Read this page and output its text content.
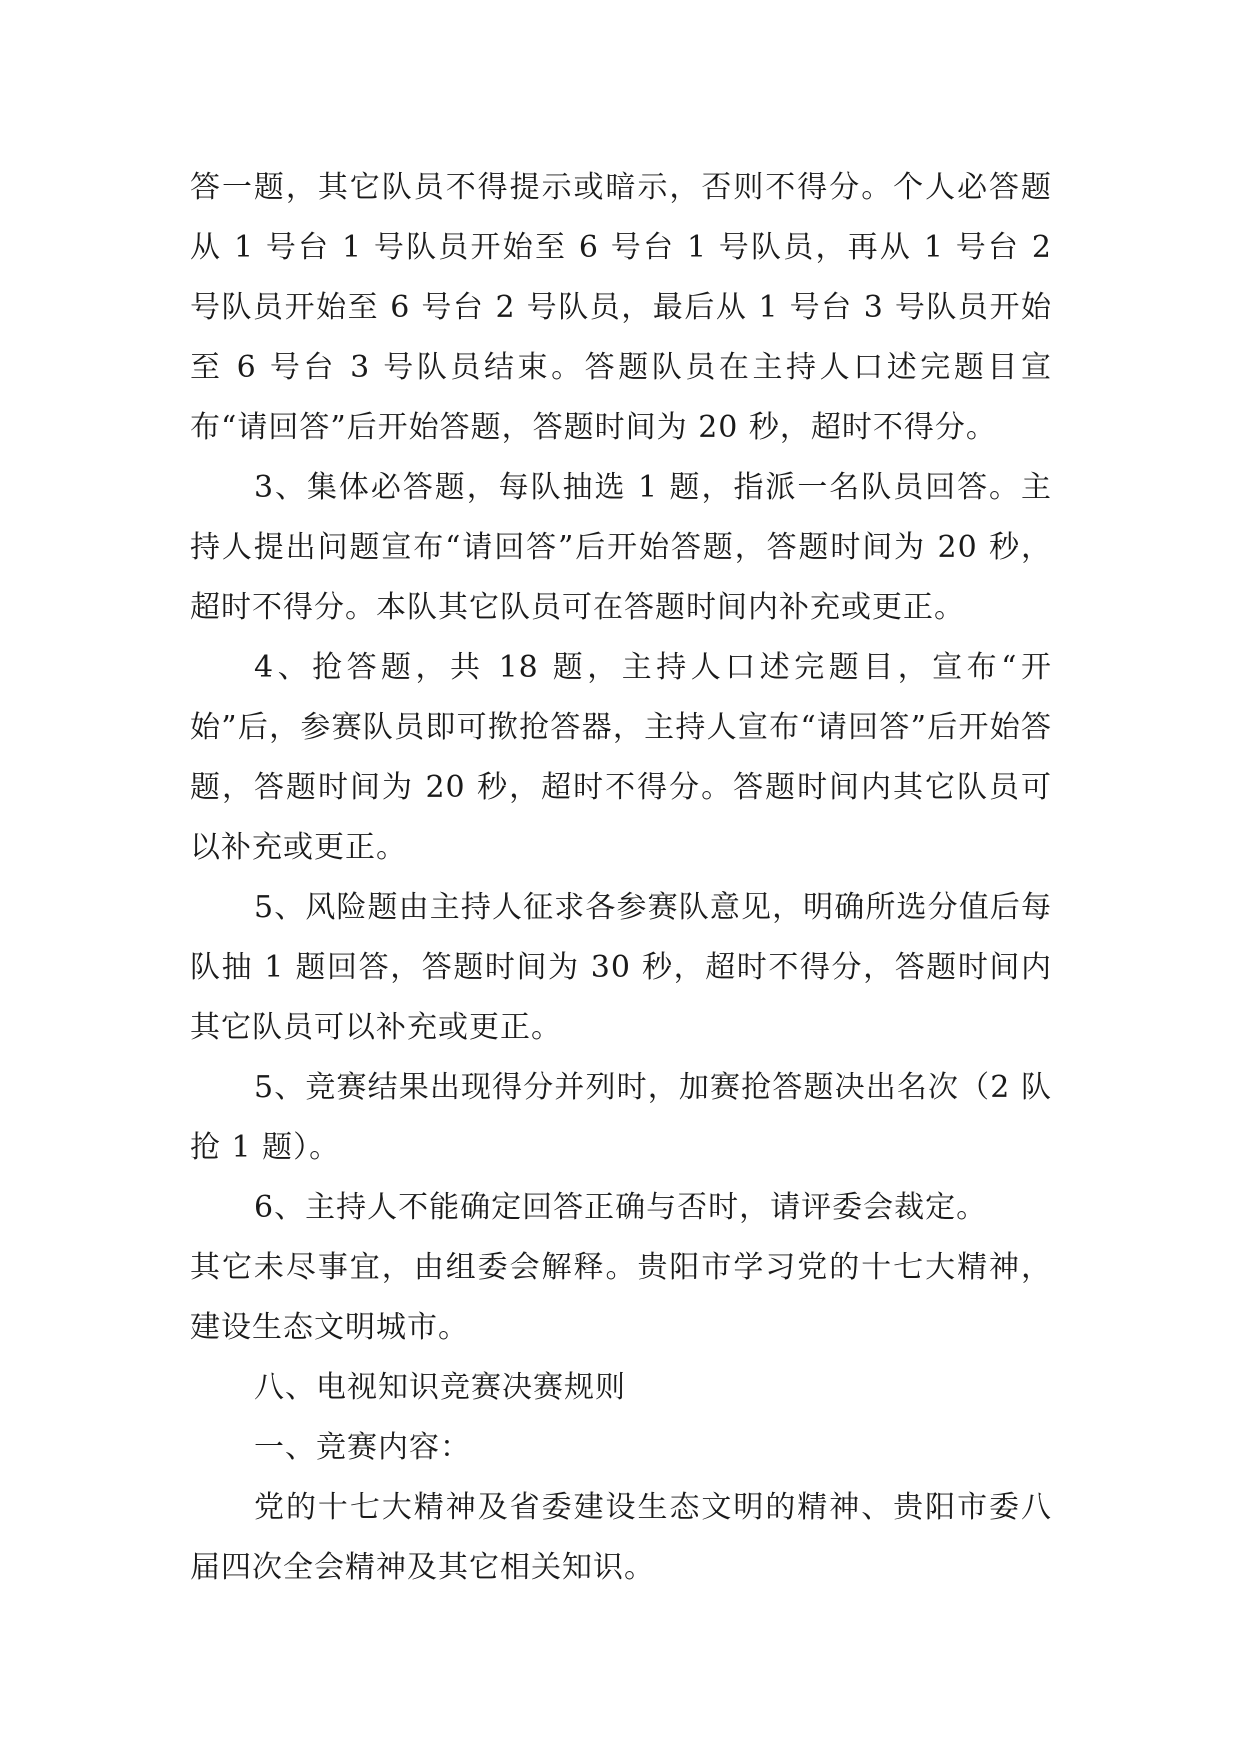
答一题，其它队员不得提示或暗示，否则不得分。个人必答题从 1 号台 1 号队员开始至 6 号台 1 号队员，再从 1 号台 2 号队员开始至 6 号台 2 号队员，最后从 1 号台 3 号队员开始至 6 号台 3 号队员结束。答题队员在主持人口述完题目宣布“请回答”后开始答题，答题时间为 20 秒，超时不得分。

3、集体必答题，每队抽选 1 题，指派一名队员回答。主持人提出问题宣布“请回答”后开始答题，答题时间为 20 秒，超时不得分。本队其它队员可在答题时间内补充或更正。

4、抢答题，共 18 题，主持人口述完题目，宣布“开始”后，参赛队员即可揿抢答器，主持人宣布“请回答”后开始答题，答题时间为 20 秒，超时不得分。答题时间内其它队员可以补充或更正。

5、风险题由主持人征求各参赛队意见，明确所选分值后每队抽 1 题回答，答题时间为 30 秒，超时不得分，答题时间内其它队员可以补充或更正。

5、竞赛结果出现得分并列时，加赛抢答题决出名次（2 队抢 1 题）。

6、主持人不能确定回答正确与否时，请评委会裁定。

其它未尽事宜，由组委会解释。贵阳市学习党的十七大精神，建设生态文明城市。

八、电视知识竞赛决赛规则

一、竞赛内容：

党的十七大精神及省委建设生态文明的精神、贵阳市委八届四次全会精神及其它相关知识。
